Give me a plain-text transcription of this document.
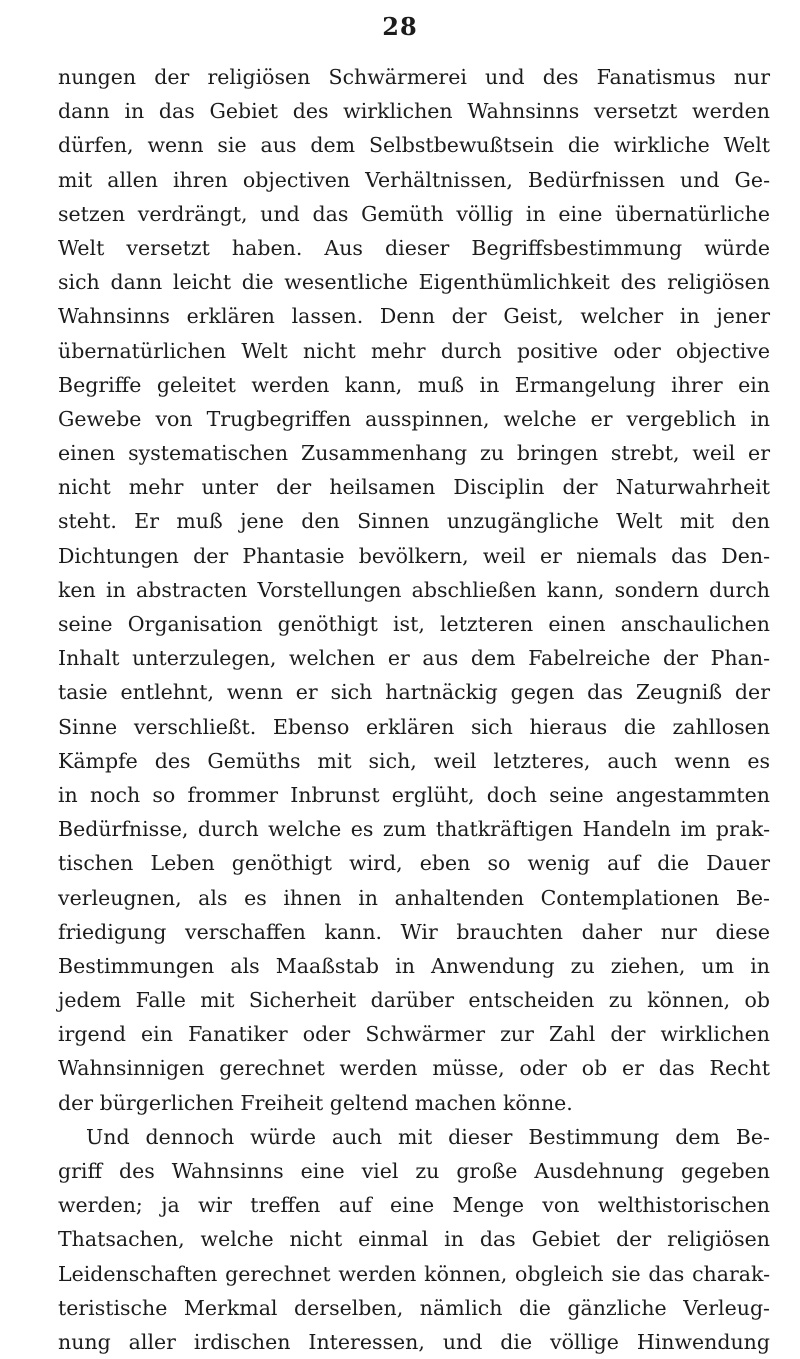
28
nungen der religiösen Schwärmerei und des Fanatismus nur
dann in das Gebiet des wirklichen Wahnsinns versetzt werden
dürfen, wenn sie aus dem Selbstbewußtsein die wirkliche Welt
mit allen ihren objectiven Verhältnissen, Bedürfnissen und Ge-
setzen verdrängt, und das Gemüth völlig in eine übernatürliche
Welt versetzt haben. Aus dieser Begriffsbestimmung würde
sich dann leicht die wesentliche Eigenthümlichkeit des religiösen
Wahnsinns erklären lassen. Denn der Geist, welcher in jener
übernatürlichen Welt nicht mehr durch positive oder objective
Begriffe geleitet werden kann, muß in Ermangelung ihrer ein
Gewebe von Trugbegriffen ausspinnen, welche er vergeblich in
einen systematischen Zusammenhang zu bringen strebt, weil er
nicht mehr unter der heilsamen Disciplin der Naturwahrheit
steht. Er muß jene den Sinnen unzugängliche Welt mit den
Dichtungen der Phantasie bevölkern, weil er niemals das Den-
ken in abstracten Vorstellungen abschließen kann, sondern durch
seine Organisation genöthigt ist, letzteren einen anschaulichen
Inhalt unterzulegen, welchen er aus dem Fabelreiche der Phan-
tasie entlehnt, wenn er sich hartnäckig gegen das Zeugniß der
Sinne verschließt. Ebenso erklären sich hieraus die zahllosen
Kämpfe des Gemüths mit sich, weil letzteres, auch wenn es
in noch so frommer Inbrunst erglüht, doch seine angestammten
Bedürfnisse, durch welche es zum thatkräftigen Handeln im prak-
tischen Leben genöthigt wird, eben so wenig auf die Dauer
verleugnen, als es ihnen in anhaltenden Contemplationen Be-
friedigung verschaffen kann. Wir brauchten daher nur diese
Bestimmungen als Maaßstab in Anwendung zu ziehen, um in
jedem Falle mit Sicherheit darüber entscheiden zu können, ob
irgend ein Fanatiker oder Schwärmer zur Zahl der wirklichen
Wahnsinnigen gerechnet werden müsse, oder ob er das Recht
der bürgerlichen Freiheit geltend machen könne.
Und dennoch würde auch mit dieser Bestimmung dem Be-
griff des Wahnsinns eine viel zu große Ausdehnung gegeben
werden; ja wir treffen auf eine Menge von welthistorischen
Thatsachen, welche nicht einmal in das Gebiet der religiösen
Leidenschaften gerechnet werden können, obgleich sie das charak-
teristische Merkmal derselben, nämlich die gänzliche Verleug-
nung aller irdischen Interessen, und die völlige Hinwendung
